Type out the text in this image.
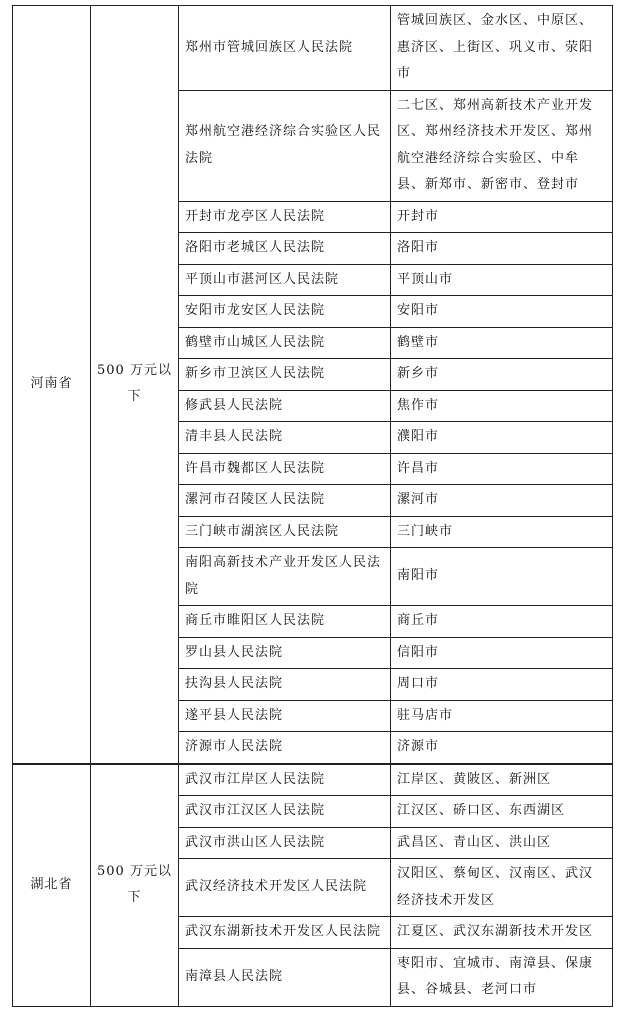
河南省	500 万元以下	郑州市管城回族区人民法院	管城回族区、金水区、中原区、惠济区、上街区、巩义市、荥阳市
		郑州航空港经济综合实验区人民法院	二七区、郑州高新技术产业开发区、郑州经济技术开发区、郑州航空港经济综合实验区、中牟县、新郑市、新密市、登封市
		开封市龙亭区人民法院	开封市
		洛阳市老城区人民法院	洛阳市
		平顶山市湛河区人民法院	平顶山市
		安阳市龙安区人民法院	安阳市
		鹤壁市山城区人民法院	鹤壁市
		新乡市卫滨区人民法院	新乡市
		修武县人民法院	焦作市
		清丰县人民法院	濮阳市
		许昌市魏都区人民法院	许昌市
		漯河市召陵区人民法院	漯河市
		三门峡市湖滨区人民法院	三门峡市
		南阳高新技术产业开发区人民法院	南阳市
		商丘市睢阳区人民法院	商丘市
		罗山县人民法院	信阳市
		扶沟县人民法院	周口市
		遂平县人民法院	驻马店市
		济源市人民法院	济源市
湖北省	500 万元以下	武汉市江岸区人民法院	江岸区、黄陂区、新洲区
		武汉市江汉区人民法院	江汉区、硚口区、东西湖区
		武汉市洪山区人民法院	武昌区、青山区、洪山区
		武汉经济技术开发区人民法院	汉阳区、蔡甸区、汉南区、武汉经济技术开发区
		武汉东湖新技术开发区人民法院	江夏区、武汉东湖新技术开发区
		南漳县人民法院	枣阳市、宜城市、南漳县、保康县、谷城县、老河口市
